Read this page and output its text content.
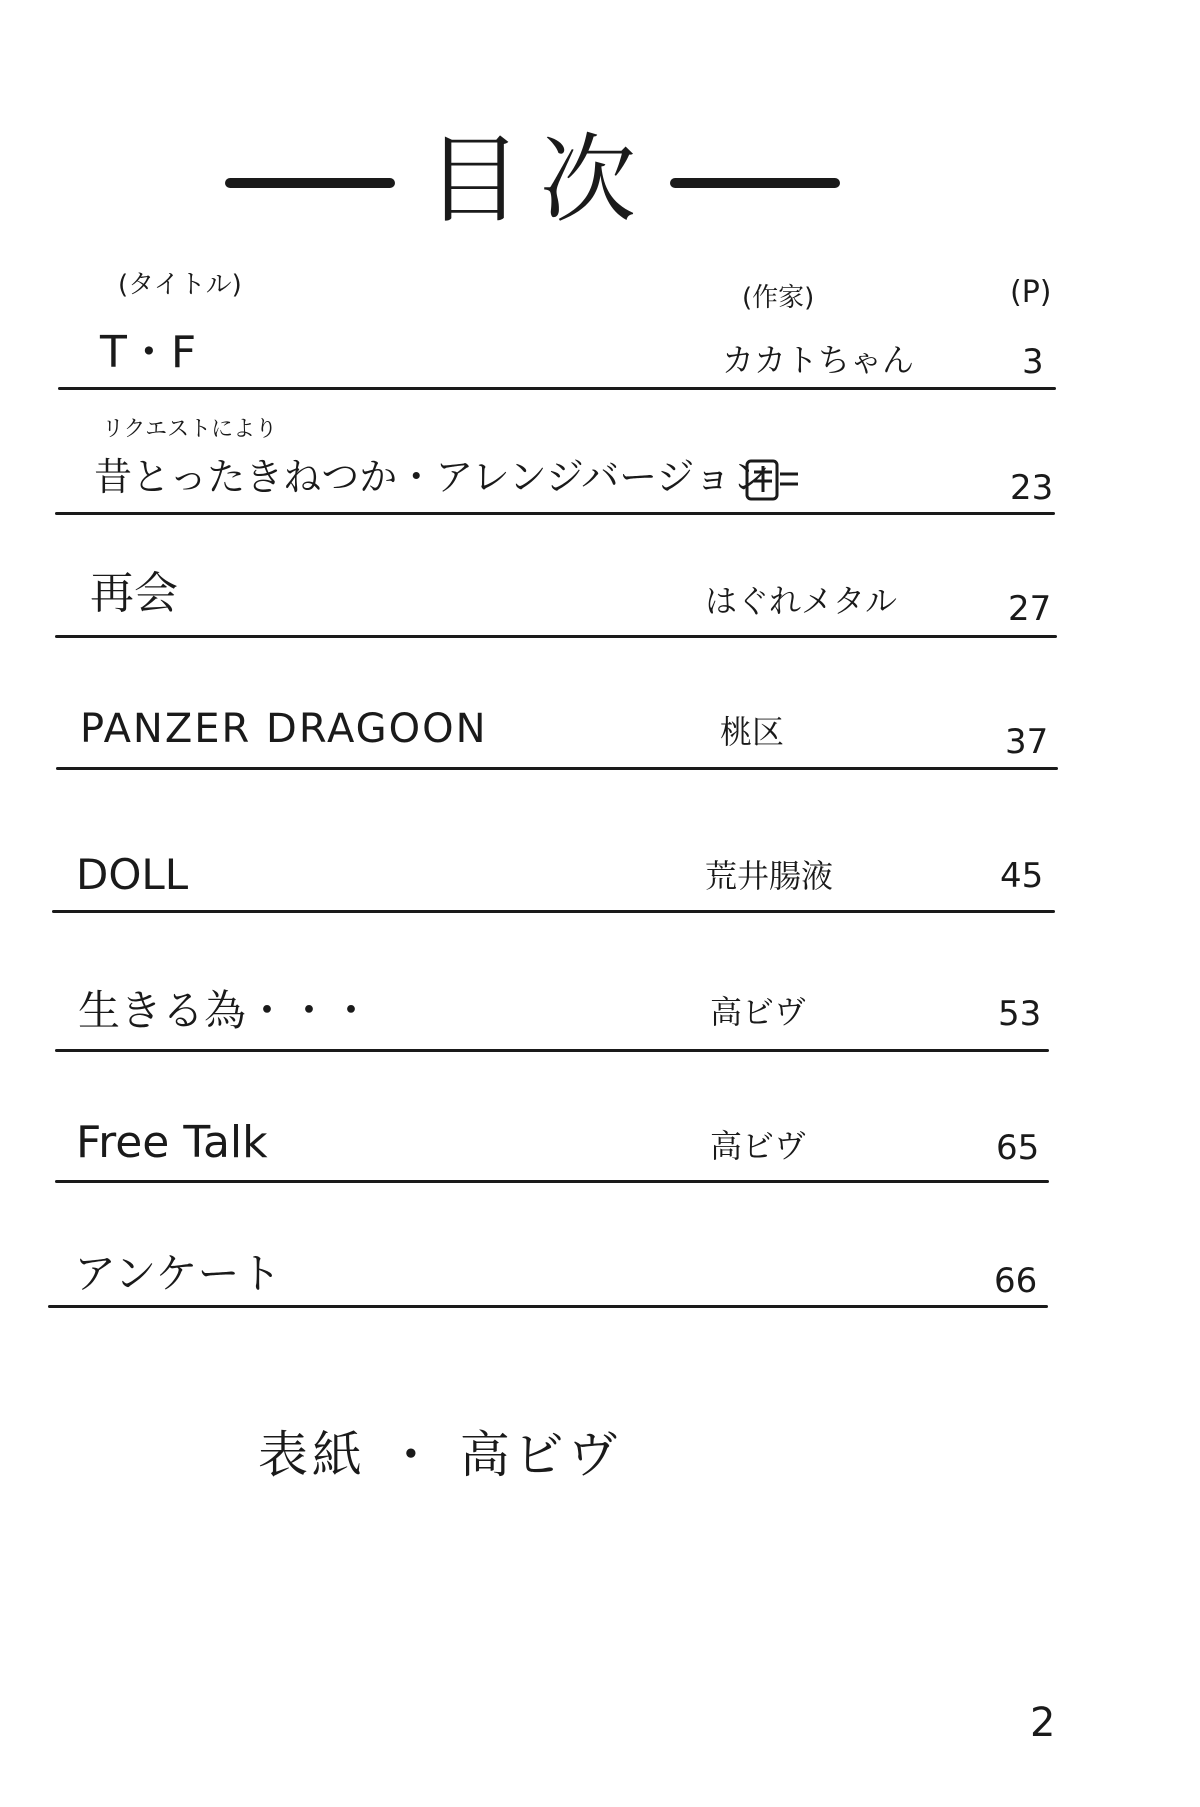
目次
(タイトル)	(作家)	(P)
T・F	カカトちゃん	3
リクエストにより
昔とったきねつか・アレンジバージョン	23
再会	はぐれメタル	27
PANZER DRAGOON	桃区	37
DOLL	荒井腸液	45
生きる為・・・	高ビヴ	53
Free Talk	高ビヴ	65
アンケート	66
表紙 ・ 高ビヴ
2
